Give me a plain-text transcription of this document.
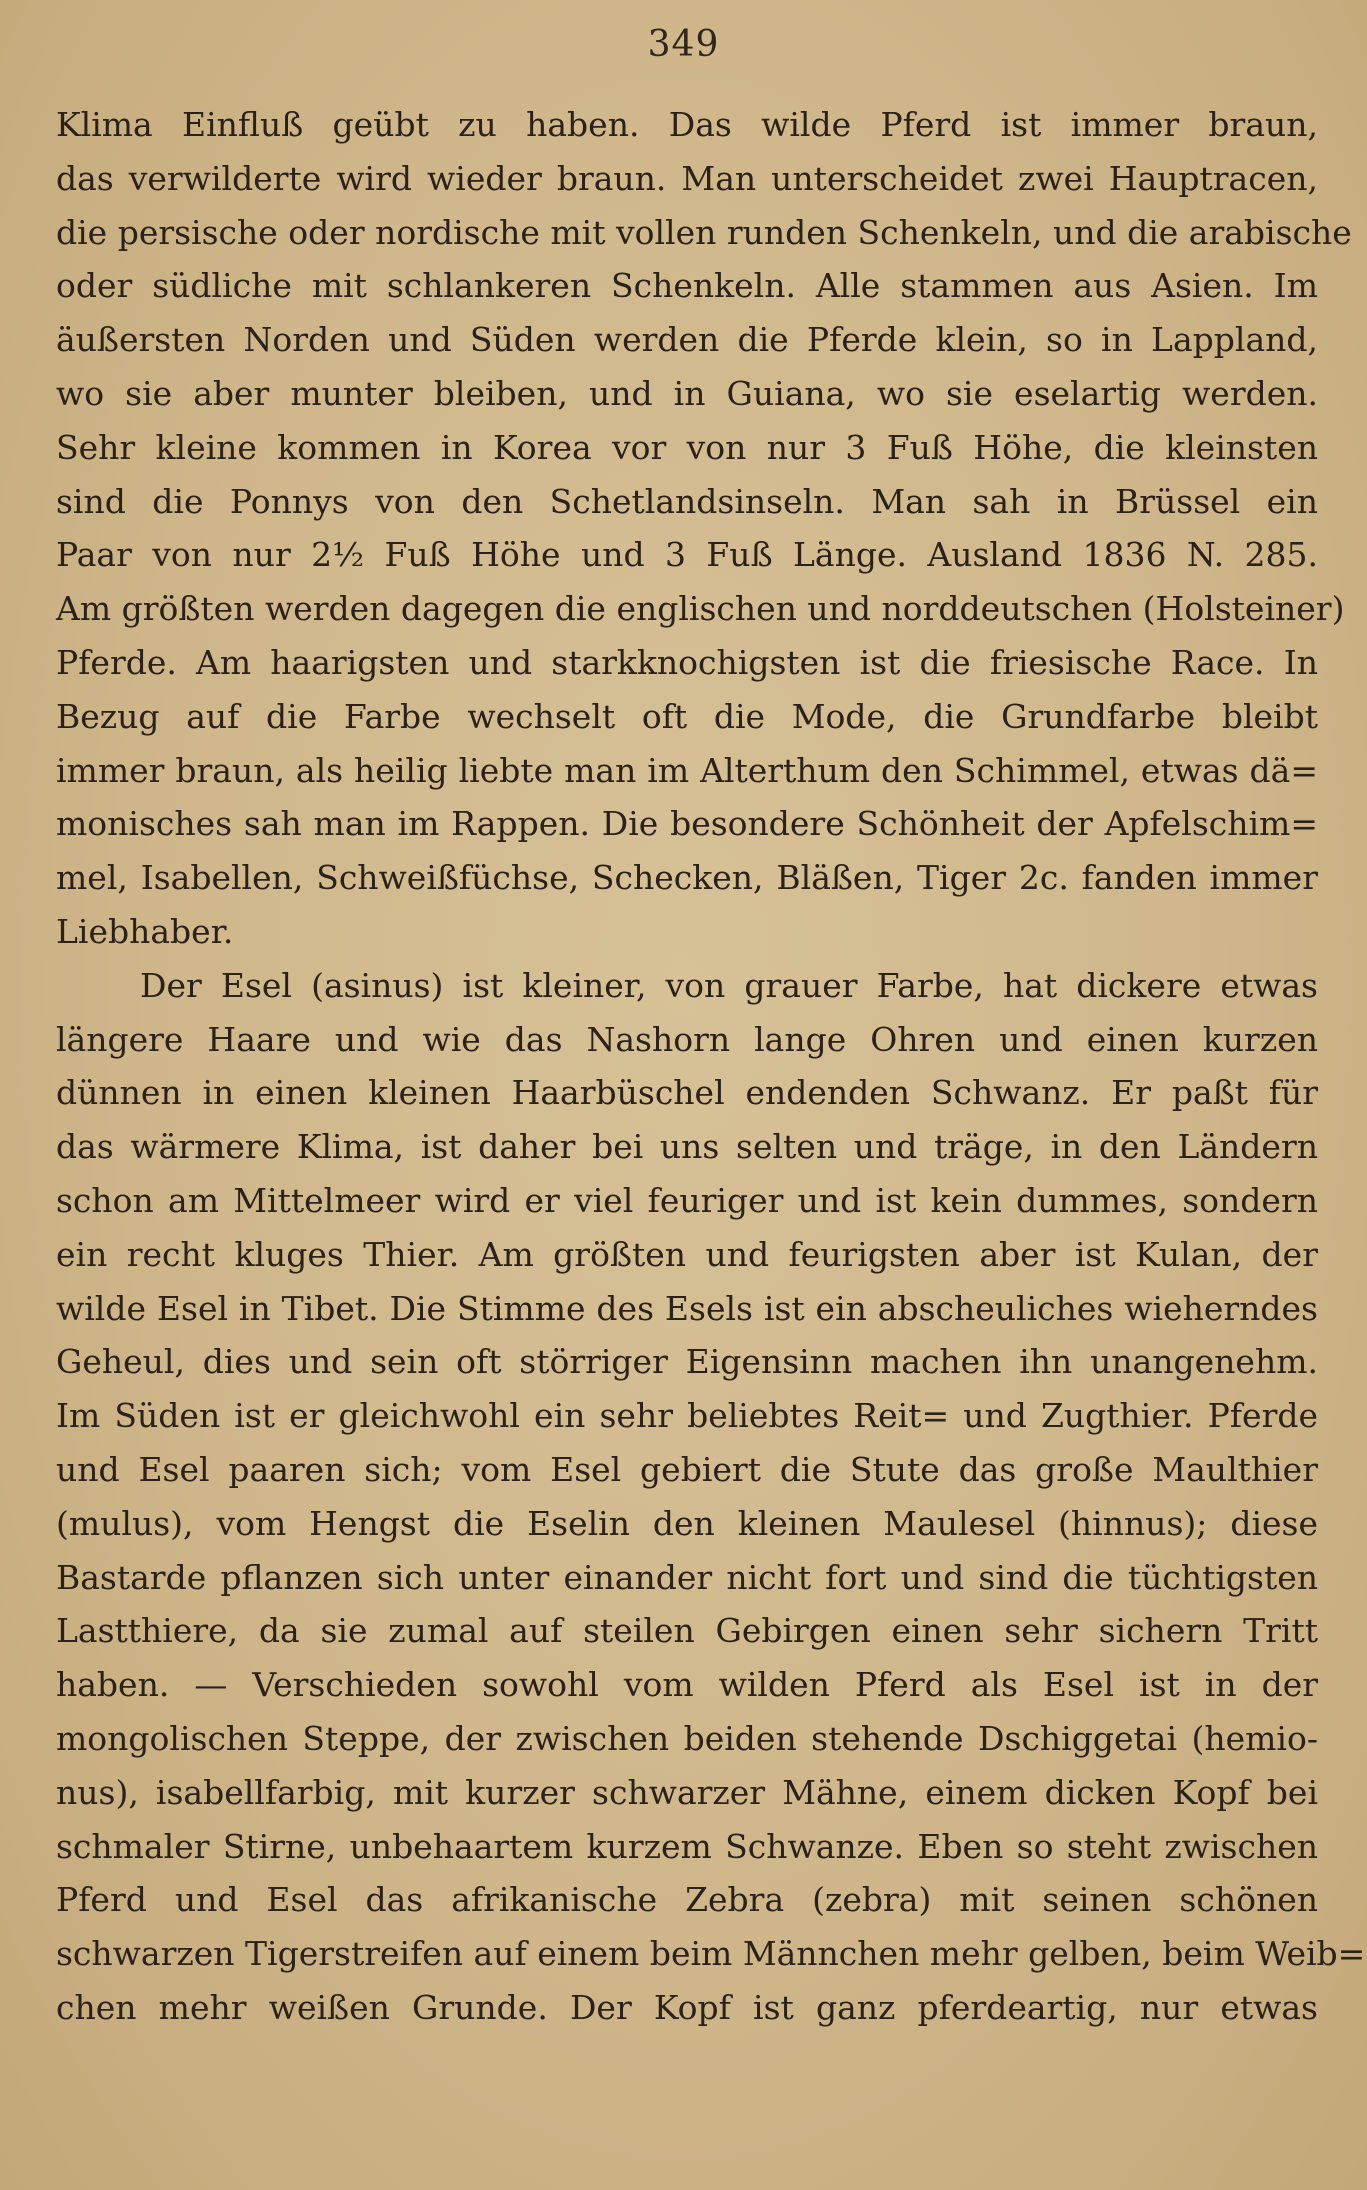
349
Klima Einfluß geübt zu haben. Das wilde Pferd ist immer braun,
das verwilderte wird wieder braun. Man unterscheidet zwei Hauptracen,
die persische oder nordische mit vollen runden Schenkeln, und die arabische
oder südliche mit schlankeren Schenkeln. Alle stammen aus Asien. Im
äußersten Norden und Süden werden die Pferde klein, so in Lappland,
wo sie aber munter bleiben, und in Guiana, wo sie eselartig werden.
Sehr kleine kommen in Korea vor von nur 3 Fuß Höhe, die kleinsten
sind die Ponnys von den Schetlandsinseln. Man sah in Brüssel ein
Paar von nur 2½ Fuß Höhe und 3 Fuß Länge. Ausland 1836 N. 285.
Am größten werden dagegen die englischen und norddeutschen (Holsteiner)
Pferde. Am haarigsten und starkknochigsten ist die friesische Race. In
Bezug auf die Farbe wechselt oft die Mode, die Grundfarbe bleibt
immer braun, als heilig liebte man im Alterthum den Schimmel, etwas dä=
monisches sah man im Rappen. Die besondere Schönheit der Apfelschim=
mel, Isabellen, Schweißfüchse, Schecken, Bläßen, Tiger 2c. fanden immer
Liebhaber.
Der Esel (asinus) ist kleiner, von grauer Farbe, hat dickere etwas
längere Haare und wie das Nashorn lange Ohren und einen kurzen
dünnen in einen kleinen Haarbüschel endenden Schwanz. Er paßt für
das wärmere Klima, ist daher bei uns selten und träge, in den Ländern
schon am Mittelmeer wird er viel feuriger und ist kein dummes, sondern
ein recht kluges Thier. Am größten und feurigsten aber ist Kulan, der
wilde Esel in Tibet. Die Stimme des Esels ist ein abscheuliches wieherndes
Geheul, dies und sein oft störriger Eigensinn machen ihn unangenehm.
Im Süden ist er gleichwohl ein sehr beliebtes Reit= und Zugthier. Pferde
und Esel paaren sich; vom Esel gebiert die Stute das große Maulthier
(mulus), vom Hengst die Eselin den kleinen Maulesel (hinnus); diese
Bastarde pflanzen sich unter einander nicht fort und sind die tüchtigsten
Lastthiere, da sie zumal auf steilen Gebirgen einen sehr sichern Tritt
haben. — Verschieden sowohl vom wilden Pferd als Esel ist in der
mongolischen Steppe, der zwischen beiden stehende Dschiggetai (hemio-
nus), isabellfarbig, mit kurzer schwarzer Mähne, einem dicken Kopf bei
schmaler Stirne, unbehaartem kurzem Schwanze. Eben so steht zwischen
Pferd und Esel das afrikanische Zebra (zebra) mit seinen schönen
schwarzen Tigerstreifen auf einem beim Männchen mehr gelben, beim Weib=
chen mehr weißen Grunde. Der Kopf ist ganz pferdeartig, nur etwas
